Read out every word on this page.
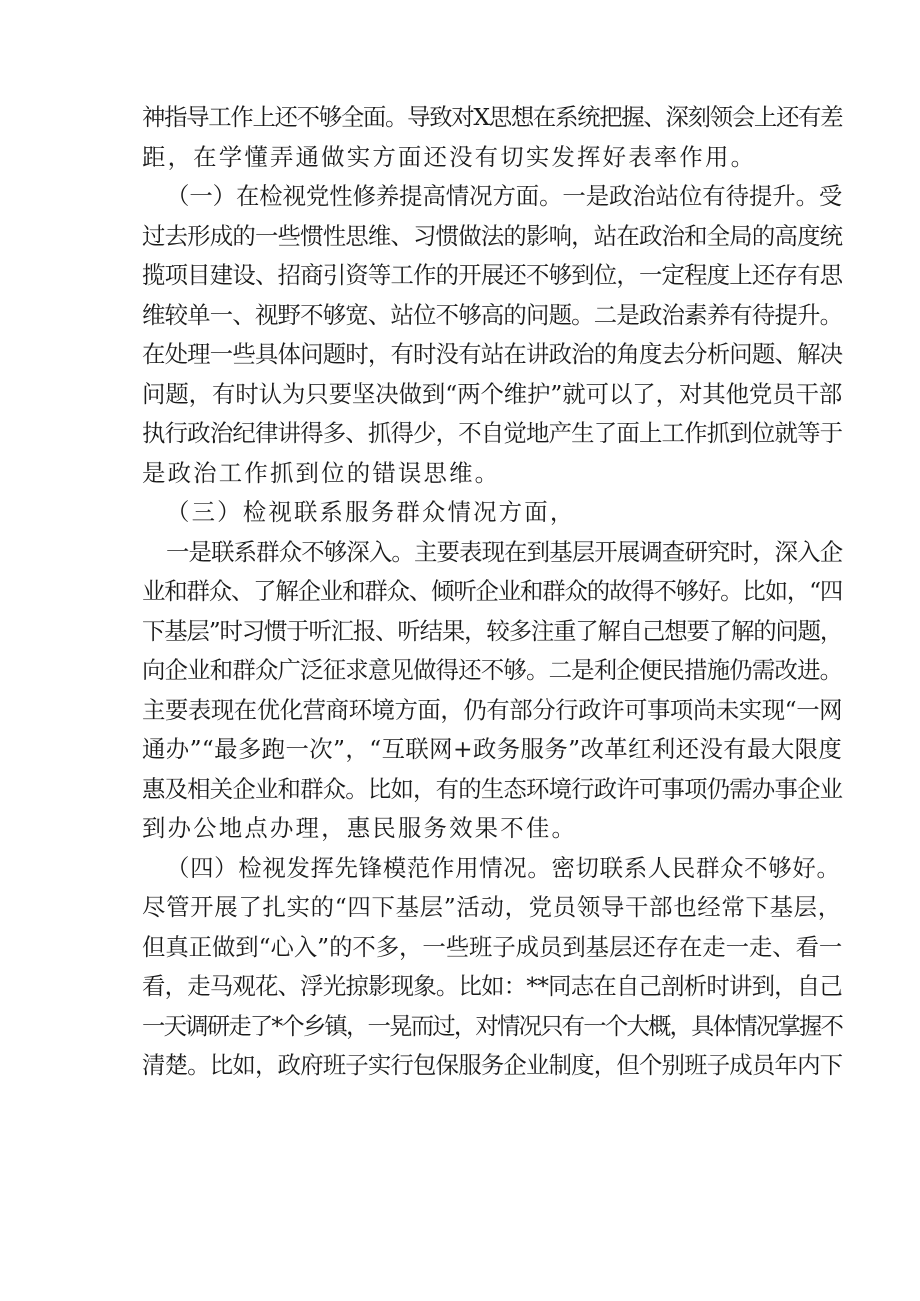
神指导工作上还不够全面。导致对X思想在系统把握、深刻领会上还有差
距，在学懂弄通做实方面还没有切实发挥好表率作用。
（一）在检视党性修养提高情况方面。一是政治站位有待提升。受
过去形成的一些惯性思维、习惯做法的影响，站在政治和全局的高度统
揽项目建设、招商引资等工作的开展还不够到位，一定程度上还存有思
维较单一、视野不够宽、站位不够高的问题。二是政治素养有待提升。
在处理一些具体问题时，有时没有站在讲政治的角度去分析问题、解决
问题，有时认为只要坚决做到“两个维护”就可以了，对其他党员干部
执行政治纪律讲得多、抓得少，不自觉地产生了面上工作抓到位就等于
是政治工作抓到位的错误思维。
（三）检视联系服务群众情况方面，
一是联系群众不够深入。主要表现在到基层开展调查研究时，深入企
业和群众、了解企业和群众、倾听企业和群众的故得不够好。比如，“四
下基层”时习惯于听汇报、听结果，较多注重了解自己想要了解的问题，
向企业和群众广泛征求意见做得还不够。二是利企便民措施仍需改进。
主要表现在优化营商环境方面，仍有部分行政许可事项尚未实现“一网
通办”“最多跑一次”，“互联网+政务服务”改革红利还没有最大限度
惠及相关企业和群众。比如，有的生态环境行政许可事项仍需办事企业
到办公地点办理，惠民服务效果不佳。
（四）检视发挥先锋模范作用情况。密切联系人民群众不够好。
尽管开展了扎实的“四下基层”活动，党员领导干部也经常下基层，
但真正做到“心入”的不多，一些班子成员到基层还存在走一走、看一
看，走马观花、浮光掠影现象。比如：**同志在自己剖析时讲到，自己
一天调研走了*个乡镇，一晃而过，对情况只有一个大概，具体情况掌握不
清楚。比如，政府班子实行包保服务企业制度，但个别班子成员年内下
